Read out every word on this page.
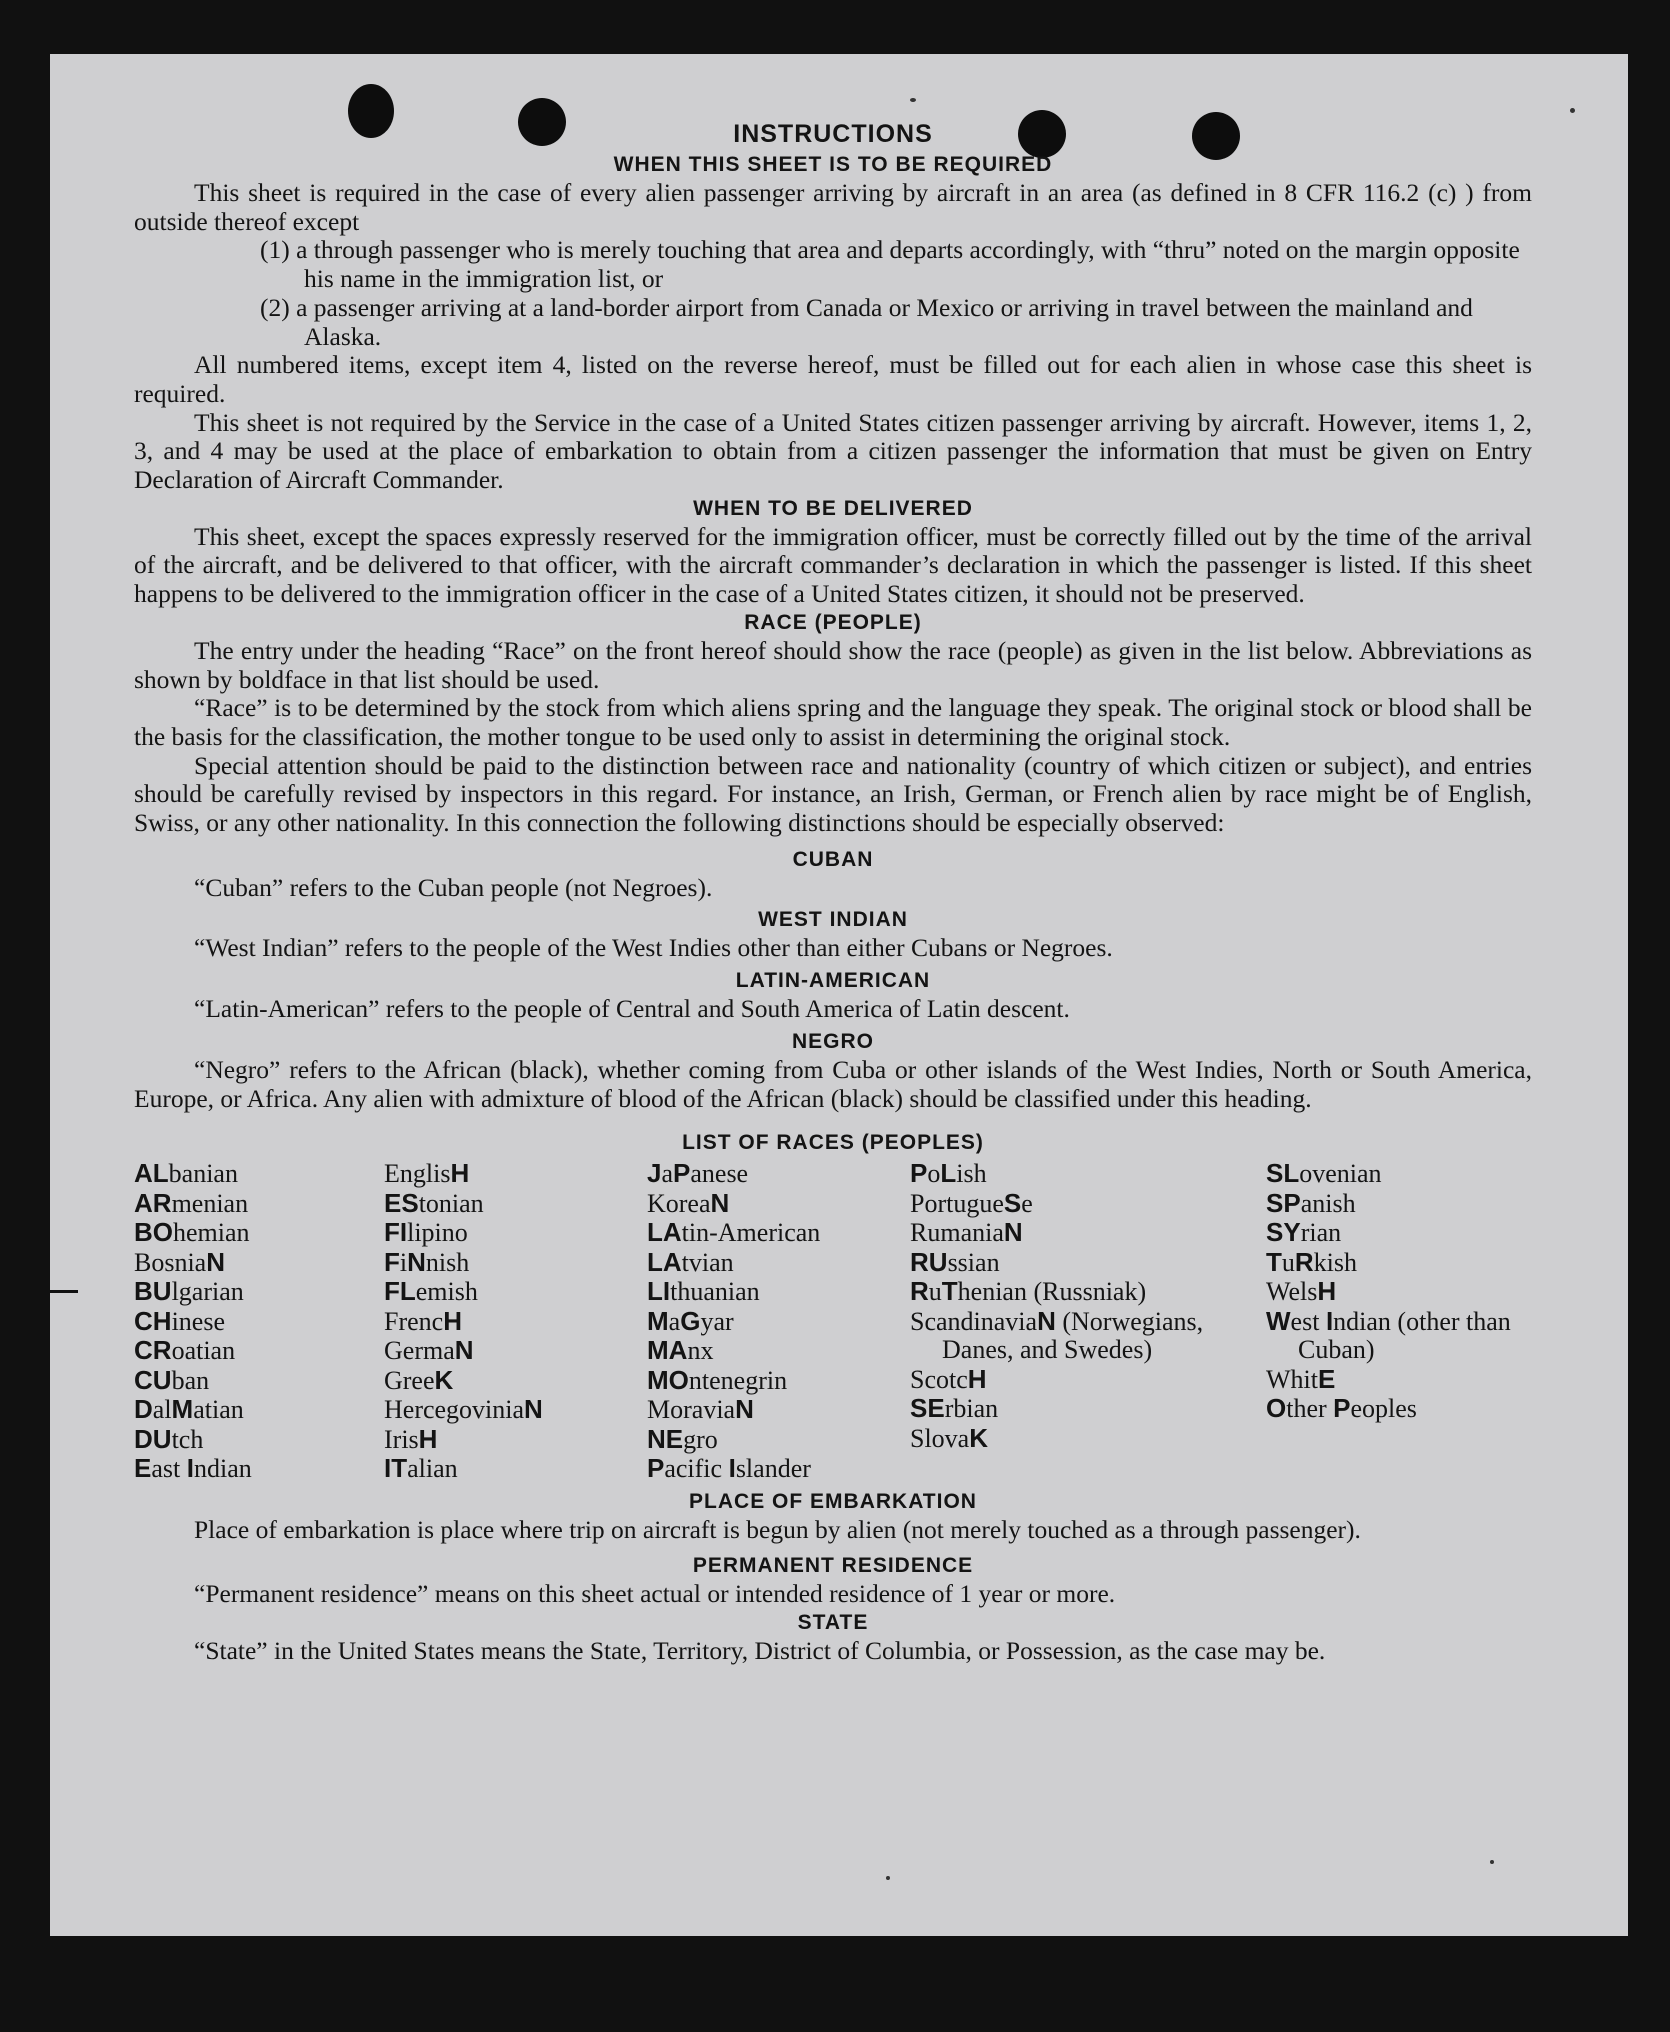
INSTRUCTIONS
WHEN THIS SHEET IS TO BE REQUIRED
This sheet is required in the case of every alien passenger arriving by aircraft in an area (as defined in 8 CFR 116.2 (c) ) from outside thereof except
(1) a through passenger who is merely touching that area and departs accordingly, with “thru” noted on the margin opposite his name in the immigration list, or
(2) a passenger arriving at a land-border airport from Canada or Mexico or arriving in travel between the mainland and Alaska.
All numbered items, except item 4, listed on the reverse hereof, must be filled out for each alien in whose case this sheet is required.
This sheet is not required by the Service in the case of a United States citizen passenger arriving by aircraft. However, items 1, 2, 3, and 4 may be used at the place of embarkation to obtain from a citizen passenger the information that must be given on Entry Declaration of Aircraft Commander.
WHEN TO BE DELIVERED
This sheet, except the spaces expressly reserved for the immigration officer, must be correctly filled out by the time of the arrival of the aircraft, and be delivered to that officer, with the aircraft commander’s declaration in which the passenger is listed. If this sheet happens to be delivered to the immigration officer in the case of a United States citizen, it should not be preserved.
RACE (PEOPLE)
The entry under the heading “Race” on the front hereof should show the race (people) as given in the list below. Abbreviations as shown by boldface in that list should be used.
“Race” is to be determined by the stock from which aliens spring and the language they speak. The original stock or blood shall be the basis for the classification, the mother tongue to be used only to assist in determining the original stock.
Special attention should be paid to the distinction between race and nationality (country of which citizen or subject), and entries should be carefully revised by inspectors in this regard. For instance, an Irish, German, or French alien by race might be of English, Swiss, or any other nationality. In this connection the following distinctions should be especially observed:
CUBAN
“Cuban” refers to the Cuban people (not Negroes).
WEST INDIAN
“West Indian” refers to the people of the West Indies other than either Cubans or Negroes.
LATIN-AMERICAN
“Latin-American” refers to the people of Central and South America of Latin descent.
NEGRO
“Negro” refers to the African (black), whether coming from Cuba or other islands of the West Indies, North or South America, Europe, or Africa. Any alien with admixture of blood of the African (black) should be classified under this heading.
LIST OF RACES (PEOPLES)
ALbanian
ARmenian
BOhemian
BosniaN
BUlgarian
CHinese
CRoatian
CUban
DalMatian
DUtch
East Indian
EnglisH
EStonian
FIlipino
FiNnish
FLemish
FrencH
GermaN
GreeK
HercegoviniaN
IrisH
ITalian
JaPanese
KoreaN
LAtin-American
LAtvian
LIthuanian
MaGyar
MAnx
MOntenegrin
MoraviaN
NEgro
Pacific Islander
PoLish
PortugueSe
RumaniaN
RUssian
RuThenian (Russniak)
ScandinaviaN (Norwegians, Danes, and Swedes)
ScotcH
SErbian
SlovaK
SLovenian
SPanish
SYrian
TuRkish
WelsH
West Indian (other than Cuban)
WhitE
Other Peoples
PLACE OF EMBARKATION
Place of embarkation is place where trip on aircraft is begun by alien (not merely touched as a through passenger).
PERMANENT RESIDENCE
“Permanent residence” means on this sheet actual or intended residence of 1 year or more.
STATE
“State” in the United States means the State, Territory, District of Columbia, or Possession, as the case may be.
